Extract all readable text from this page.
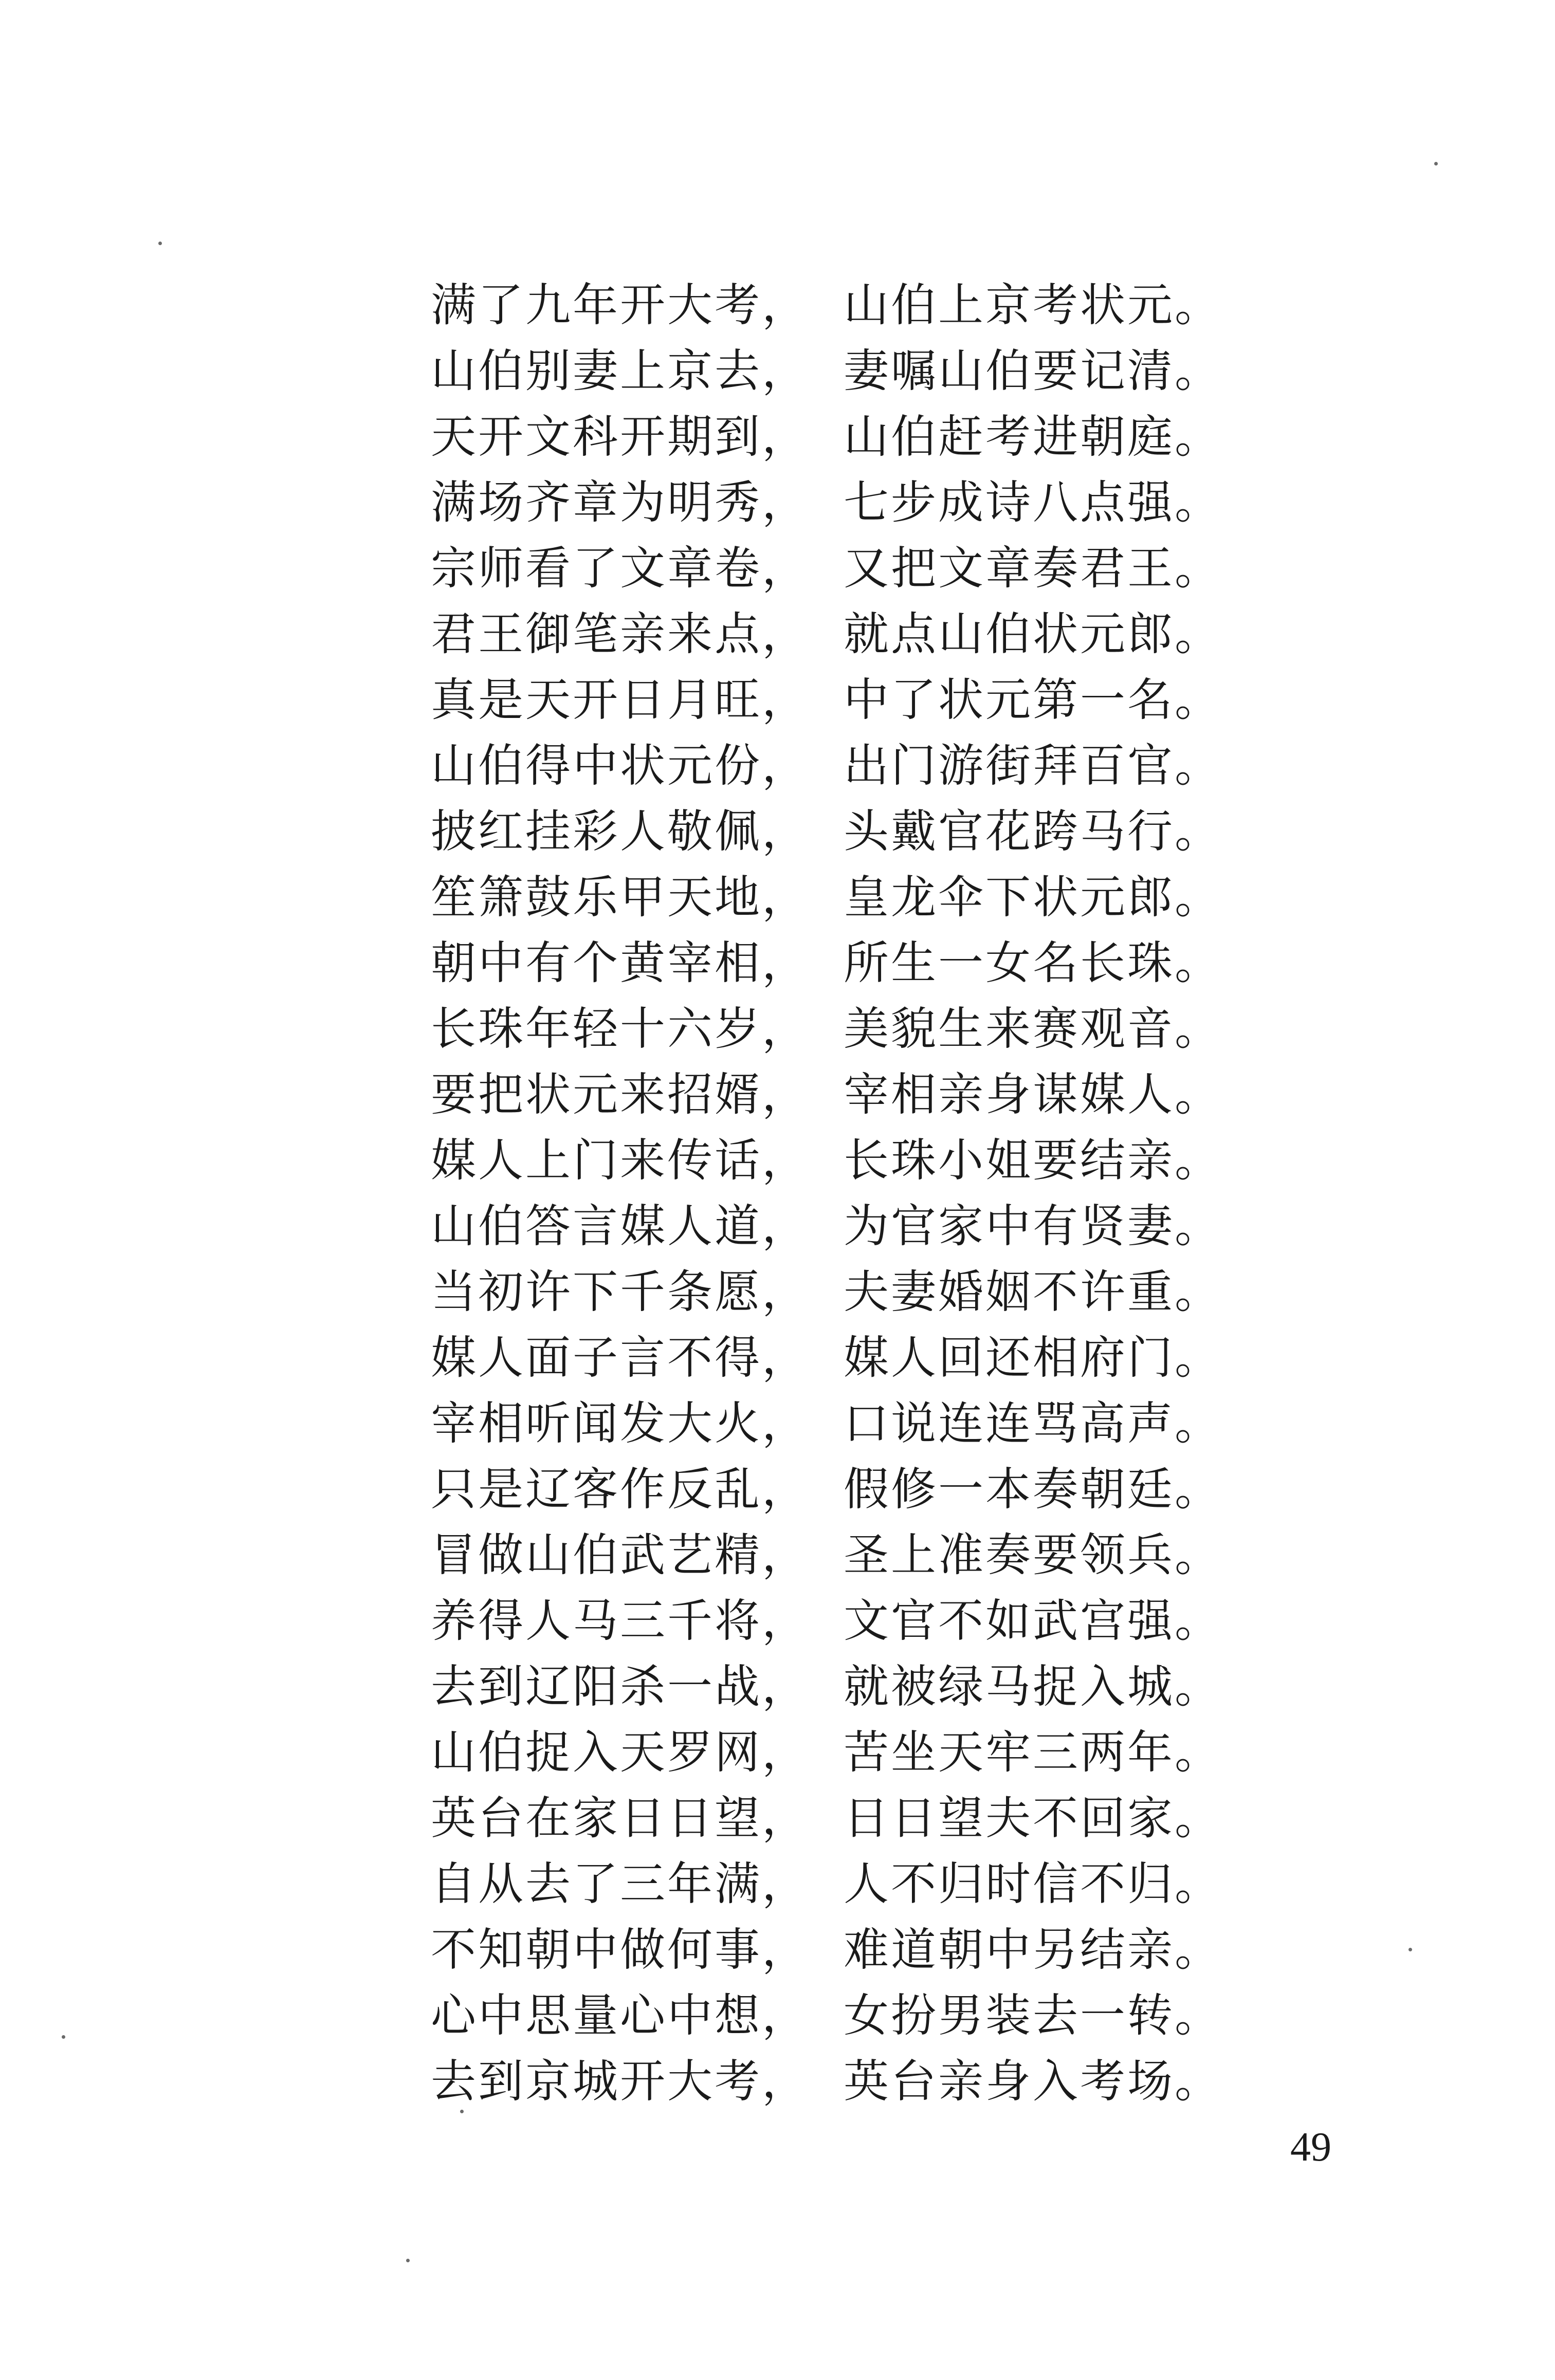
满了九年开大考， 山伯上京考状元。
山伯别妻上京去， 妻嘱山伯要记清。
天开文科开期到， 山伯赶考进朝庭。
满场齐章为明秀， 七步成诗八点强。
宗师看了文章卷， 又把文章奏君王。
君王御笔亲来点， 就点山伯状元郎。
真是天开日月旺， 中了状元第一名。
山伯得中状元份， 出门游街拜百官。
披红挂彩人敬佩， 头戴官花跨马行。
笙箫鼓乐甲天地， 皇龙伞下状元郎。
朝中有个黄宰相， 所生一女名长珠。
长珠年轻十六岁， 美貌生来赛观音。
要把状元来招婿， 宰相亲身谋媒人。
媒人上门来传话， 长珠小姐要结亲。
山伯答言媒人道， 为官家中有贤妻。
当初许下千条愿， 夫妻婚姻不许重。
媒人面子言不得， 媒人回还相府门。
宰相听闻发大火， 口说连连骂高声。
只是辽客作反乱， 假修一本奏朝廷。
冒做山伯武艺精， 圣上准奏要领兵。
养得人马三千将， 文官不如武宫强。
去到辽阳杀一战， 就被绿马捉入城。
山伯捉入天罗网， 苦坐天牢三两年。
英台在家日日望， 日日望夫不回家。
自从去了三年满， 人不归时信不归。
不知朝中做何事， 难道朝中另结亲。
心中思量心中想， 女扮男装去一转。
去到京城开大考， 英台亲身入考场。
49
